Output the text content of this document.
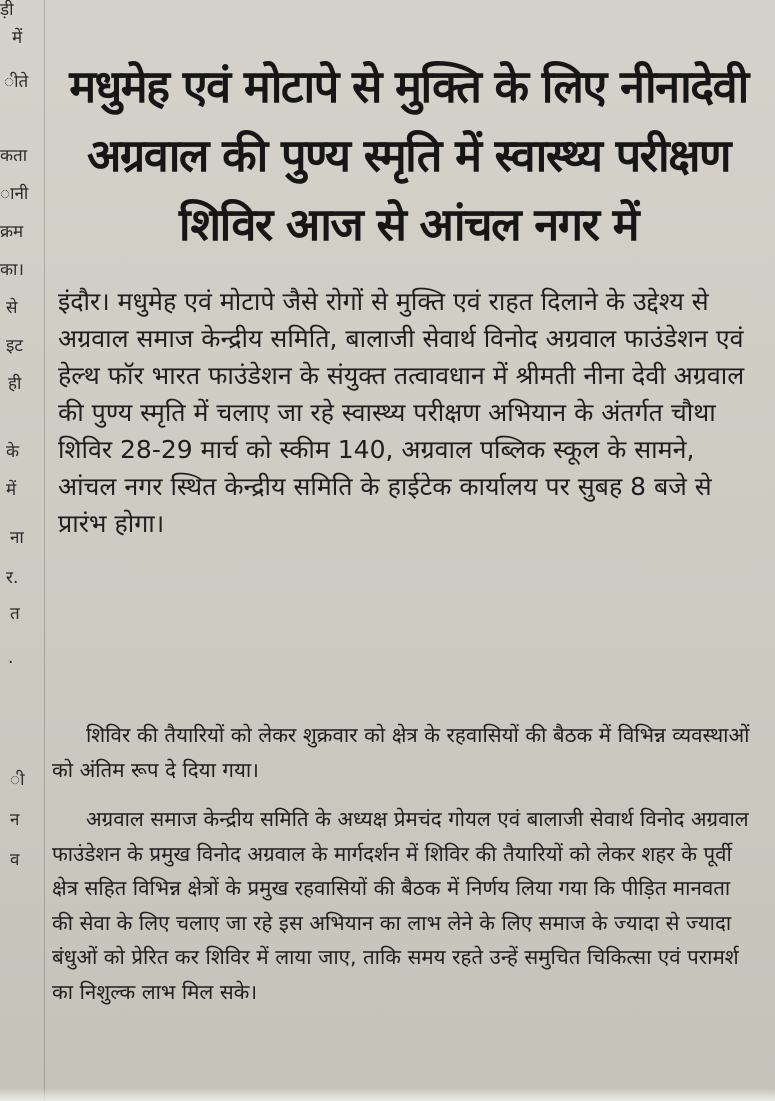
ड़ी
में
ीते
कता
ानी
क्रम
का।
से
इट
ही
के
में
ना
र.
त
.
ी
न
व
मधुमेह एवं मोटापे से मुक्ति के लिए नीनादेवी अग्रवाल की पुण्य स्मृति में स्वास्थ्य परीक्षण शिविर आज से आंचल नगर में

इंदौर। मधुमेह एवं मोटापे जैसे रोगों से मुक्ति एवं राहत दिलाने के उद्देश्य से अग्रवाल समाज केन्द्रीय समिति, बालाजी सेवार्थ विनोद अग्रवाल फाउंडेशन एवं हेल्थ फॉर भारत फाउंडेशन के संयुक्त तत्वावधान में श्रीमती नीना देवी अग्रवाल की पुण्य स्मृति में चलाए जा रहे स्वास्थ्य परीक्षण अभियान के अंतर्गत चौथा शिविर 28-29 मार्च को स्कीम 140, अग्रवाल पब्लिक स्कूल के सामने, आंचल नगर स्थित केन्द्रीय समिति के हाईटेक कार्यालय पर सुबह 8 बजे से प्रारंभ होगा।

शिविर की तैयारियों को लेकर शुक्रवार को क्षेत्र के रहवासियों की बैठक में विभिन्न व्यवस्थाओं को अंतिम रूप दे दिया गया।

अग्रवाल समाज केन्द्रीय समिति के अध्यक्ष प्रेमचंद गोयल एवं बालाजी सेवार्थ विनोद अग्रवाल फाउंडेशन के प्रमुख विनोद अग्रवाल के मार्गदर्शन में शिविर की तैयारियों को लेकर शहर के पूर्वी क्षेत्र सहित विभिन्न क्षेत्रों के प्रमुख रहवासियों की बैठक में निर्णय लिया गया कि पीड़ित मानवता की सेवा के लिए चलाए जा रहे इस अभियान का लाभ लेने के लिए समाज के ज्यादा से ज्यादा बंधुओं को प्रेरित कर शिविर में लाया जाए, ताकि समय रहते उन्हें समुचित चिकित्सा एवं परामर्श का निशुल्क लाभ मिल सके।
